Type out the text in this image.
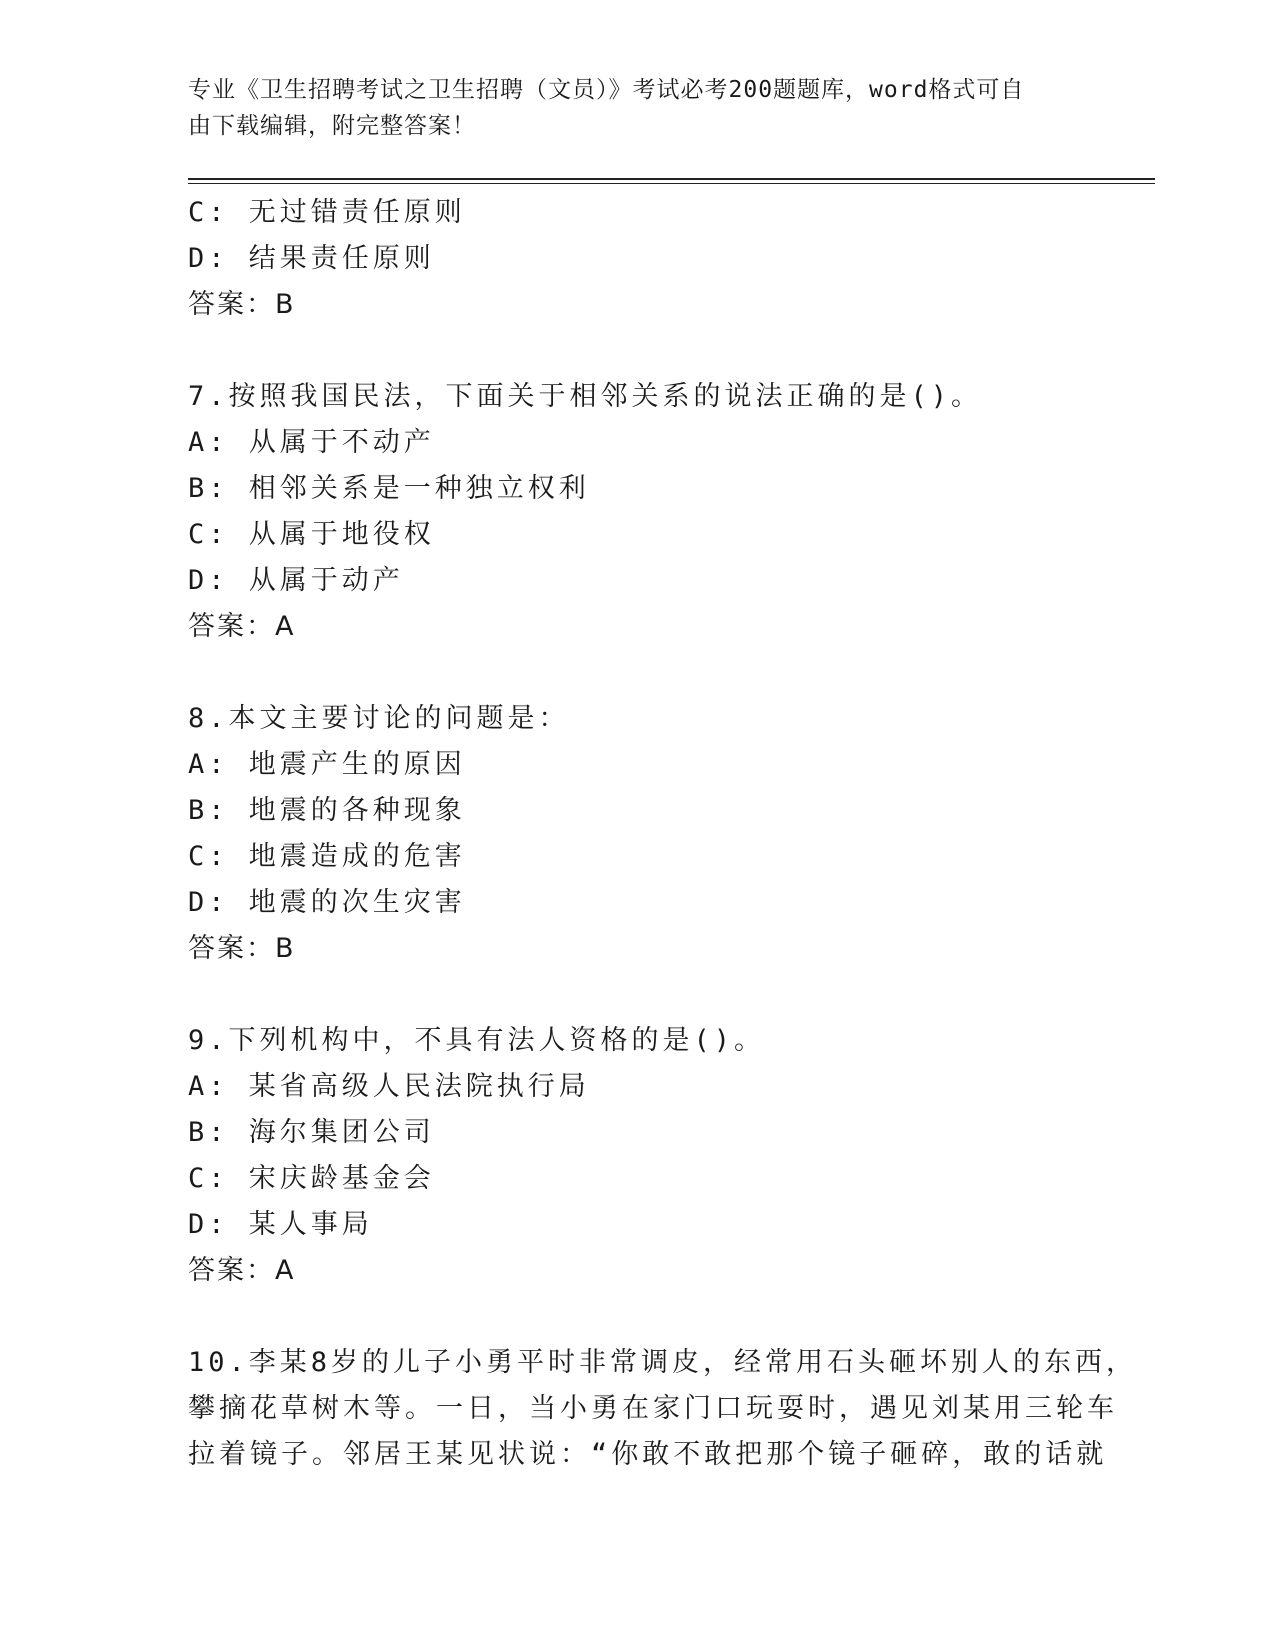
专业《卫生招聘考试之卫生招聘（文员）》考试必考200题题库，word格式可自
由下载编辑，附完整答案！
C: 无过错责任原则
D: 结果责任原则
答案：B
7.按照我国民法，下面关于相邻关系的说法正确的是()。
A: 从属于不动产
B: 相邻关系是一种独立权利
C: 从属于地役权
D: 从属于动产
答案：A
8.本文主要讨论的问题是：
A: 地震产生的原因
B: 地震的各种现象
C: 地震造成的危害
D: 地震的次生灾害
答案：B
9.下列机构中，不具有法人资格的是()。
A: 某省高级人民法院执行局
B: 海尔集团公司
C: 宋庆龄基金会
D: 某人事局
答案：A
10.李某8岁的儿子小勇平时非常调皮，经常用石头砸坏别人的东西，
攀摘花草树木等。一日，当小勇在家门口玩耍时，遇见刘某用三轮车
拉着镜子。邻居王某见状说：“你敢不敢把那个镜子砸碎，敢的话就
